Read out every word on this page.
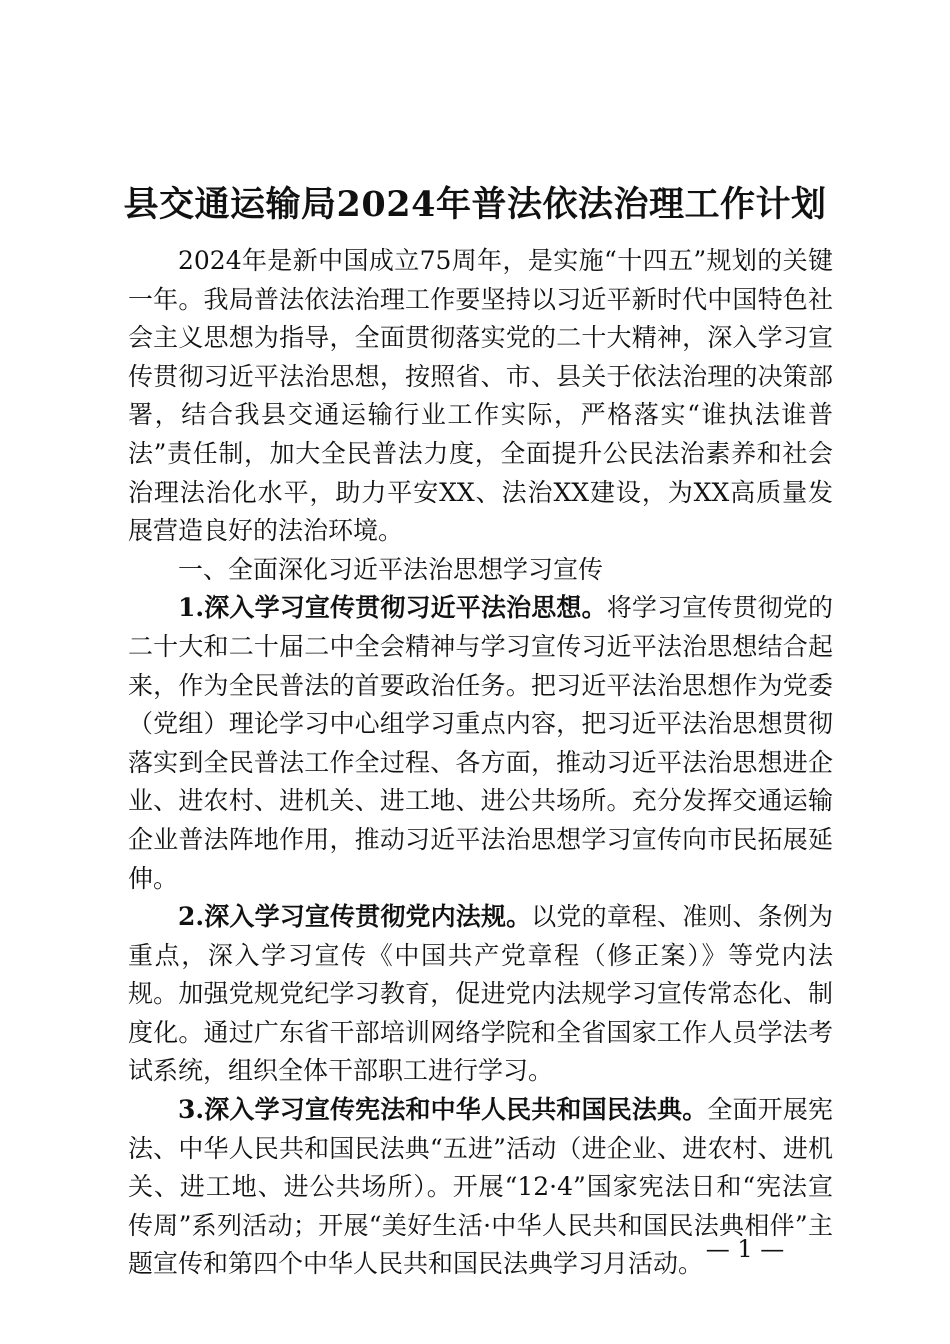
县交通运输局2024年普法依法治理工作计划

2024年是新中国成立75周年，是实施“十四五”规划的关键一年。我局普法依法治理工作要坚持以习近平新时代中国特色社会主义思想为指导，全面贯彻落实党的二十大精神，深入学习宣传贯彻习近平法治思想，按照省、市、县关于依法治理的决策部署，结合我县交通运输行业工作实际，严格落实“谁执法谁普法”责任制，加大全民普法力度，全面提升公民法治素养和社会治理法治化水平，助力平安XX、法治XX建设，为XX高质量发展营造良好的法治环境。

一、全面深化习近平法治思想学习宣传

1.深入学习宣传贯彻习近平法治思想。将学习宣传贯彻党的二十大和二十届二中全会精神与学习宣传习近平法治思想结合起来，作为全民普法的首要政治任务。把习近平法治思想作为党委（党组）理论学习中心组学习重点内容，把习近平法治思想贯彻落实到全民普法工作全过程、各方面，推动习近平法治思想进企业、进农村、进机关、进工地、进公共场所。充分发挥交通运输企业普法阵地作用，推动习近平法治思想学习宣传向市民拓展延伸。

2.深入学习宣传贯彻党内法规。以党的章程、准则、条例为重点，深入学习宣传《中国共产党章程（修正案）》等党内法规。加强党规党纪学习教育，促进党内法规学习宣传常态化、制度化。通过广东省干部培训网络学院和全省国家工作人员学法考试系统，组织全体干部职工进行学习。

3.深入学习宣传宪法和中华人民共和国民法典。全面开展宪法、中华人民共和国民法典“五进”活动（进企业、进农村、进机关、进工地、进公共场所）。开展“12·4”国家宪法日和“宪法宣传周”系列活动；开展“美好生活·中华人民共和国民法典相伴”主题宣传和第四个中华人民共和国民法典学习月活动。

— 1 —
